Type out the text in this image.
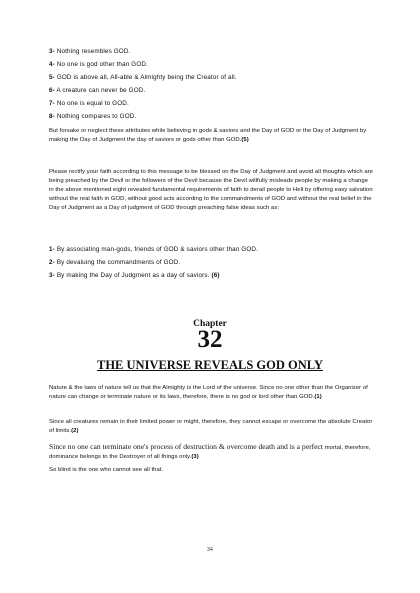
3- Nothing resembles GOD.
4- No one is god other than GOD.
5- GOD is above all, All-able & Almighty being the Creator of all.
6- A creature can never be GOD.
7- No one is equal to GOD.
8- Nothing compares to GOD.

But forsake or neglect these attributes while believing in gods & saviors and the Day of GOD or the Day of Judgment by making the Day of Judgment the day of saviors or gods other than GOD.(5)

Please rectify your faith according to this message to be blessed on the Day of Judgment and avoid all thoughts which are being preached by the Devil or the followers of the Devil because the Devil willfully misleads people by making a change in the above mentioned eight revealed fundamental requirements of faith to derail people to Hell by offering easy salvation without the real faith in GOD, without good acts according to the commandments of GOD and without the real belief in the Day of Judgment as a Day of judgment of GOD through preaching false ideas such as:

1- By associating man-gods, friends of GOD & saviors other than GOD.
2- By devaluing the commandments of GOD.
3- By making the Day of Judgment as a day of saviors. (6)
Chapter
32
THE UNIVERSE REVEALS GOD ONLY

Nature & the laws of nature tell us that the Almighty is the Lord of the universe. Since no one other than the Organizer of nature can change or terminate nature or its laws, therefore, there is no god or lord other than GOD.(1)

Since all creatures remain in their limited power or might, therefore, they cannot escape or overcome the absolute Creator of limits.(2)

Since no one can terminate one's process of destruction & overcome death and is a perfect mortal, therefore, dominance belongs to the Destroyer of all things only.(3)

So blind is the one who cannot see all that.

34
